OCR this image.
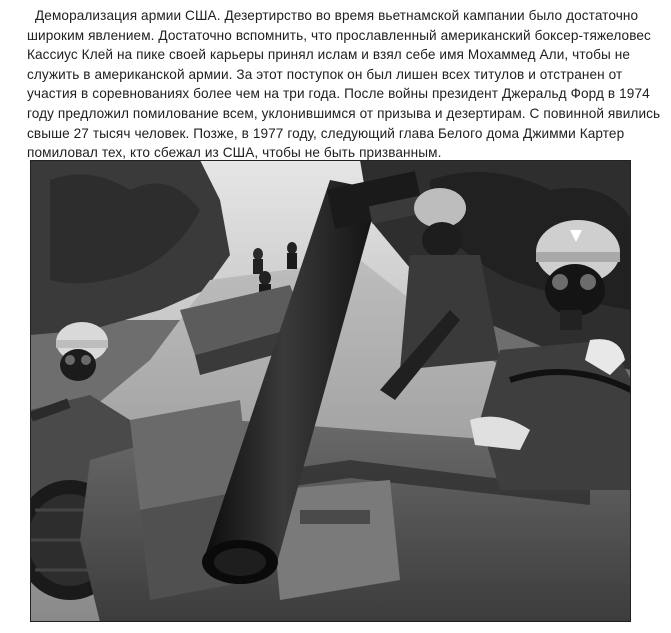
Деморализация армии США. Дезертирство во время вьетнамской кампании было достаточно широким явлением. Достаточно вспомнить, что прославленный американский боксер-тяжеловес Кассиус Клей на пике своей карьеры принял ислам и взял себе имя Мохаммед Али, чтобы не служить в американской армии. За этот поступок он был лишен всех титулов и отстранен от участия в соревнованиях более чем на три года. После войны президент Джеральд Форд в 1974 году предложил помилование всем, уклонившимся от призыва и дезертирам. С повинной явились свыше 27 тысяч человек. Позже, в 1977 году, следующий глава Белого дома Джимми Картер помиловал тех, кто сбежал из США, чтобы не быть призванным.
